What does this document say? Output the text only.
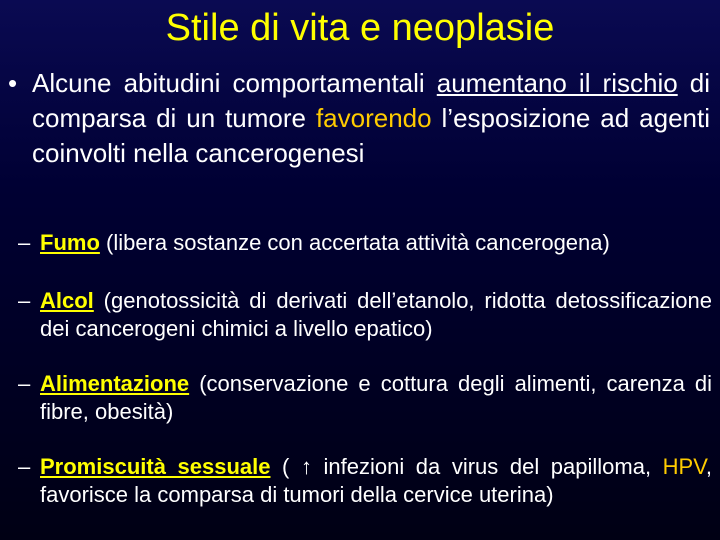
Stile di vita e neoplasie
• Alcune abitudini comportamentali aumentano il rischio di comparsa di un tumore favorendo l’esposizione ad agenti coinvolti nella cancerogenesi
– Fumo (libera sostanze con accertata attività cancerogena)
– Alcol (genotossicità di derivati dell’etanolo, ridotta detossificazione dei cancerogeni chimici a livello epatico)
– Alimentazione (conservazione e cottura degli alimenti, carenza di fibre, obesità)
– Promiscuità sessuale ( ↑ infezioni da virus del papilloma, HPV, favorisce la comparsa di tumori della cervice uterina)
